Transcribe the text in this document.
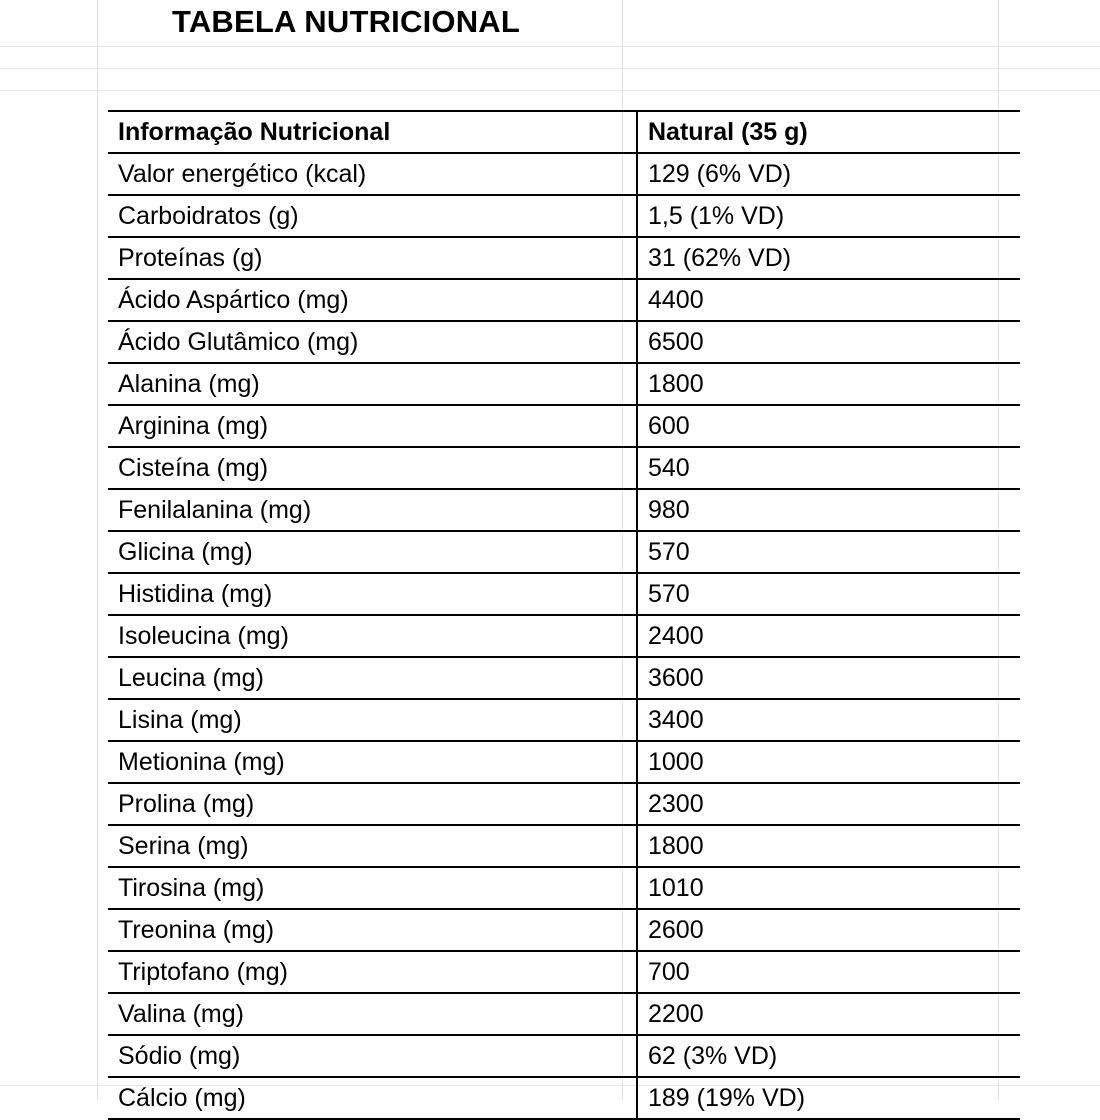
TABELA NUTRICIONAL
Informação Nutricional	Natural (35 g)
Valor energético (kcal)	129 (6% VD)
Carboidratos (g)	1,5 (1% VD)
Proteínas (g)	31 (62% VD)
Ácido Aspártico (mg)	4400
Ácido Glutâmico (mg)	6500
Alanina (mg)	1800
Arginina (mg)	600
Cisteína (mg)	540
Fenilalanina (mg)	980
Glicina (mg)	570
Histidina (mg)	570
Isoleucina (mg)	2400
Leucina (mg)	3600
Lisina (mg)	3400
Metionina (mg)	1000
Prolina (mg)	2300
Serina (mg)	1800
Tirosina (mg)	1010
Treonina (mg)	2600
Triptofano (mg)	700
Valina (mg)	2200
Sódio (mg)	62 (3% VD)
Cálcio (mg)	189 (19% VD)
